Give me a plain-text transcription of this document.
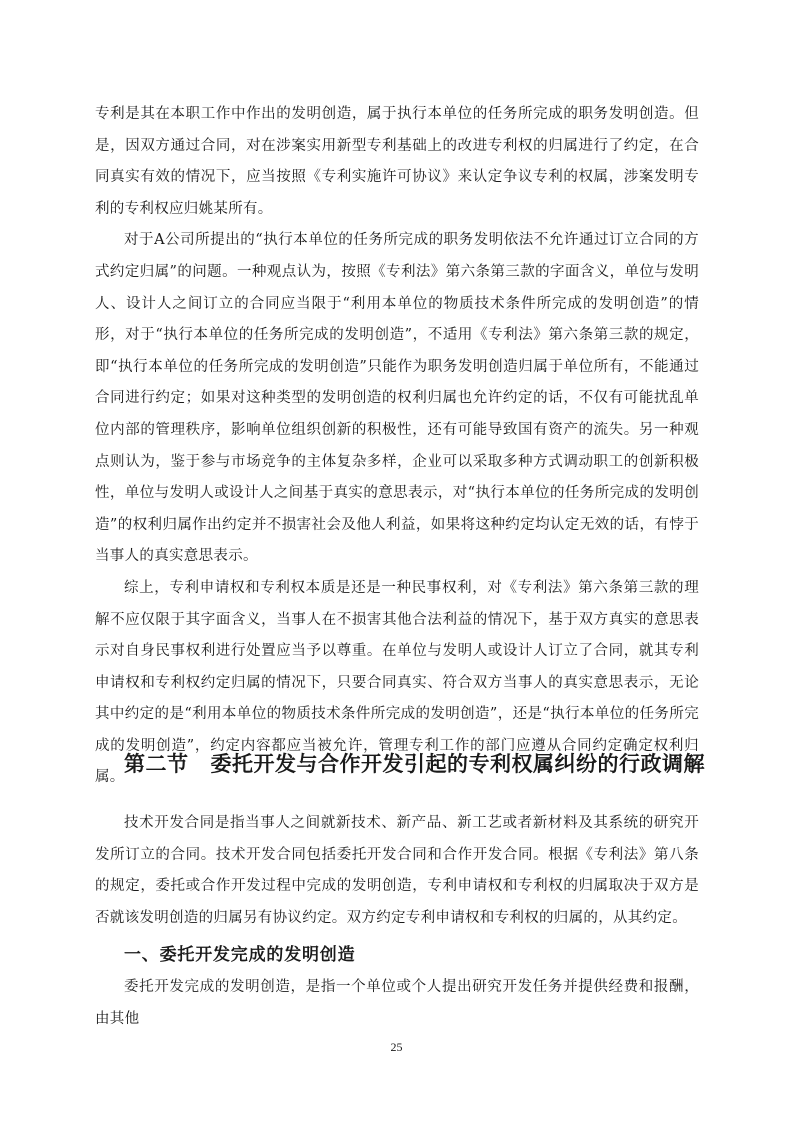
专利是其在本职工作中作出的发明创造，属于执行本单位的任务所完成的职务发明创造。但是，因双方通过合同，对在涉案实用新型专利基础上的改进专利权的归属进行了约定，在合同真实有效的情况下，应当按照《专利实施许可协议》来认定争议专利的权属，涉案发明专利的专利权应归姚某所有。

对于A公司所提出的“执行本单位的任务所完成的职务发明依法不允许通过订立合同的方式约定归属”的问题。一种观点认为，按照《专利法》第六条第三款的字面含义，单位与发明人、设计人之间订立的合同应当限于“利用本单位的物质技术条件所完成的发明创造”的情形，对于“执行本单位的任务所完成的发明创造”，不适用《专利法》第六条第三款的规定，即“执行本单位的任务所完成的发明创造”只能作为职务发明创造归属于单位所有，不能通过合同进行约定；如果对这种类型的发明创造的权利归属也允许约定的话，不仅有可能扰乱单位内部的管理秩序，影响单位组织创新的积极性，还有可能导致国有资产的流失。另一种观点则认为，鉴于参与市场竞争的主体复杂多样，企业可以采取多种方式调动职工的创新积极性，单位与发明人或设计人之间基于真实的意思表示，对“执行本单位的任务所完成的发明创造”的权利归属作出约定并不损害社会及他人利益，如果将这种约定均认定无效的话，有悖于当事人的真实意思表示。

综上，专利申请权和专利权本质是还是一种民事权利，对《专利法》第六条第三款的理解不应仅限于其字面含义，当事人在不损害其他合法利益的情况下，基于双方真实的意思表示对自身民事权利进行处置应当予以尊重。在单位与发明人或设计人订立了合同，就其专利申请权和专利权约定归属的情况下，只要合同真实、符合双方当事人的真实意思表示，无论其中约定的是“利用本单位的物质技术条件所完成的发明创造”，还是“执行本单位的任务所完成的发明创造”，约定内容都应当被允许，管理专利工作的部门应遵从合同约定确定权利归属。

第二节 委托开发与合作开发引起的专利权属纠纷的行政调解

技术开发合同是指当事人之间就新技术、新产品、新工艺或者新材料及其系统的研究开发所订立的合同。技术开发合同包括委托开发合同和合作开发合同。根据《专利法》第八条的规定，委托或合作开发过程中完成的发明创造，专利申请权和专利权的归属取决于双方是否就该发明创造的归属另有协议约定。双方约定专利申请权和专利权的归属的，从其约定。

一、委托开发完成的发明创造

委托开发完成的发明创造，是指一个单位或个人提出研究开发任务并提供经费和报酬，由其他

25
